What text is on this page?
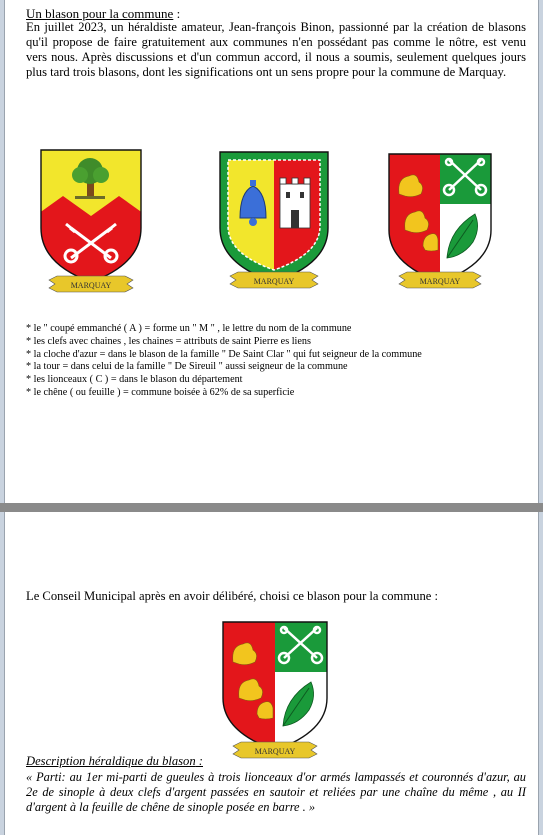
Un blason pour la commune :
En juillet 2023, un héraldiste amateur, Jean-françois Binon, passionné par la création de blasons qu'il propose de faire gratuitement aux communes n'en possédant pas comme le nôtre, est venu vers nous. Après discussions et d'un commun accord, il nous a soumis, seulement quelques jours plus tard trois blasons, dont les significations ont un sens propre pour la commune de Marquay.
MARQUAY	MARQUAY	MARQUAY
* le " coupé emmanché ( A ) = forme un " M " , le lettre du nom de la commune
* les clefs avec chaines , les chaines = attributs de saint Pierre es liens
* la cloche d'azur = dans le blason de la famille " De Saint Clar " qui fut seigneur de la commune
* la tour = dans celui de la famille " De Sireuil " aussi seigneur de la commune
* les lionceaux ( C ) = dans le blason du département
* le chêne ( ou feuille ) = commune boisée à 62% de sa superficie
Le Conseil Municipal après en avoir délibéré, choisi ce blason pour la commune :
MARQUAY
Description héraldique du blason :
« Parti: au 1er mi-parti de gueules à trois lionceaux d'or armés lampassés et couronnés d'azur, au 2e de sinople à deux clefs d'argent passées en sautoir et reliées par une chaîne du même , au II d'argent à la feuille de chêne de sinople posée en barre . »
